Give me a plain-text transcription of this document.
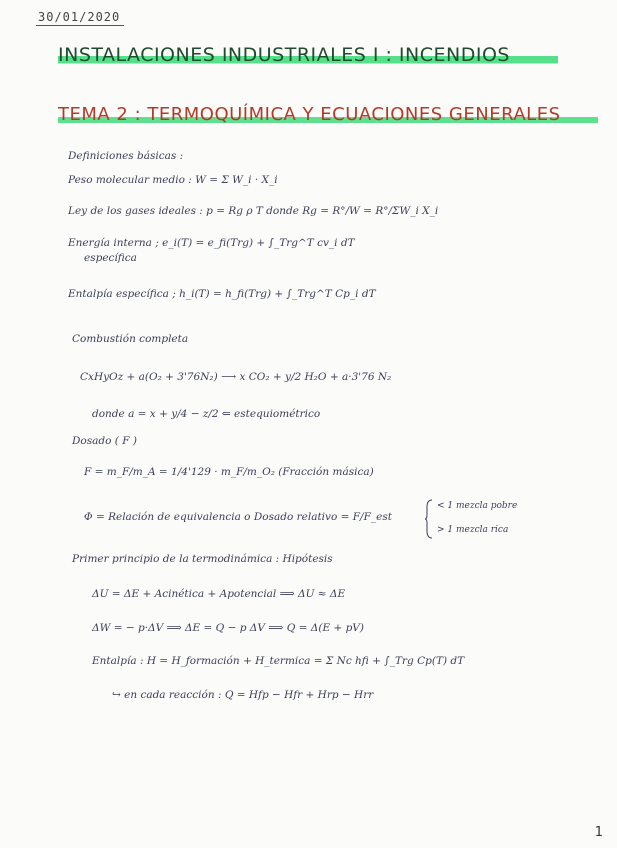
30/01/2020
INSTALACIONES INDUSTRIALES I : INCENDIOS
TEMA 2 : TERMOQUÍMICA Y ECUACIONES GENERALES
Definiciones básicas :
Peso molecular medio : W = Σ W_i · X_i
Ley de los gases ideales : p = Rg ρ T donde Rg = R°/W = R°/ΣW_i X_i
Energía interna ; e_i(T) = e_fi(Trg) + ∫_Trg^T cv_i dT
específica
Entalpía específica ; h_i(T) = h_fi(Trg) + ∫_Trg^T Cp_i dT
Combustión completa
CxHyOz + a(O₂ + 3'76N₂) ⟶ x CO₂ + y/2 H₂O + a·3'76 N₂
donde a = x + y/4 − z/2 ⇐ estequiométrico
Dosado ( F )
F = m_F/m_A = 1/4'129 · m_F/m_O₂ (Fracción másica)
Φ = Relación de equivalencia o Dosado relativo = F/F_est
< 1 mezcla pobre
> 1 mezcla rica
Primer principio de la termodinámica : Hipótesis
ΔU = ΔE + Acinética + Apotencial ⟹ ΔU ≈ ΔE
ΔW = − p·ΔV ⟹ ΔE = Q − p ΔV ⟹ Q = Δ(E + pV)
Entalpía : H = H_formación + H_termica = Σ Nc hfi + ∫_Trg Cp(T) dT
↪ en cada reacción : Q = Hfp − Hfr + Hrp − Hrr
1
